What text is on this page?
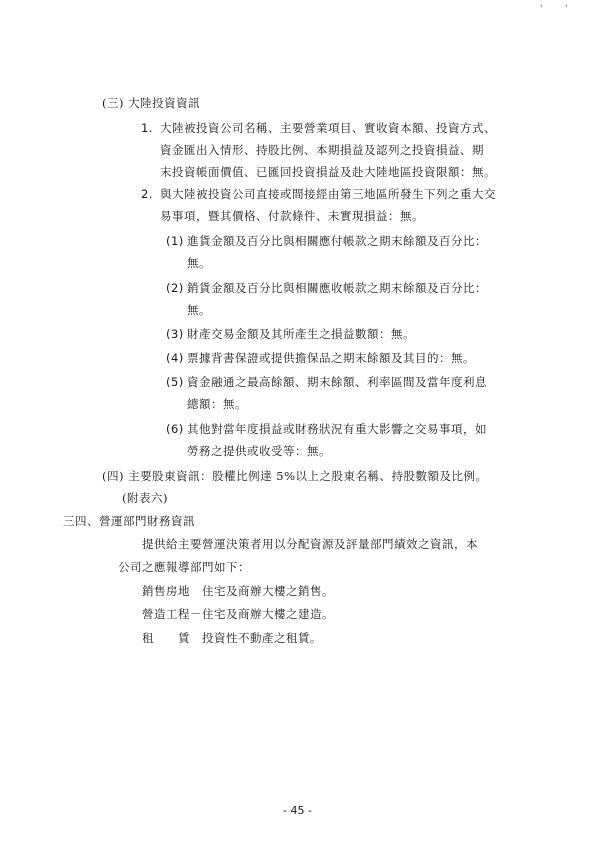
'	'
(三) 大陸投資資訊
1. 大陸被投資公司名稱、主要營業項目、實收資本額、投資方式、
資金匯出入情形、持股比例、本期損益及認列之投資損益、期
末投資帳面價值、已匯回投資損益及赴大陸地區投資限額：無。
2. 與大陸被投資公司直接或間接經由第三地區所發生下列之重大交
易事項，暨其價格、付款條件、未實現損益：無。
(1) 進貨金額及百分比與相關應付帳款之期末餘額及百分比：
無。
(2) 銷貨金額及百分比與相關應收帳款之期末餘額及百分比：
無。
(3) 財產交易金額及其所產生之損益數額：無。
(4) 票據背書保證或提供擔保品之期末餘額及其目的：無。
(5) 資金融通之最高餘額、期末餘額、利率區間及當年度利息
總額：無。
(6) 其他對當年度損益或財務狀況有重大影響之交易事項，如
勞務之提供或收受等：無。
(四) 主要股東資訊：股權比例達 5%以上之股東名稱、持股數額及比例。
(附表六)
三四、營運部門財務資訊
提供給主要營運決策者用以分配資源及評量部門績效之資訊，本
公司之應報導部門如下：
銷售房地　住宅及商辦大樓之銷售。
營造工程－住宅及商辦大樓之建造。
租　　賃　投資性不動產之租賃。
- 45 -
